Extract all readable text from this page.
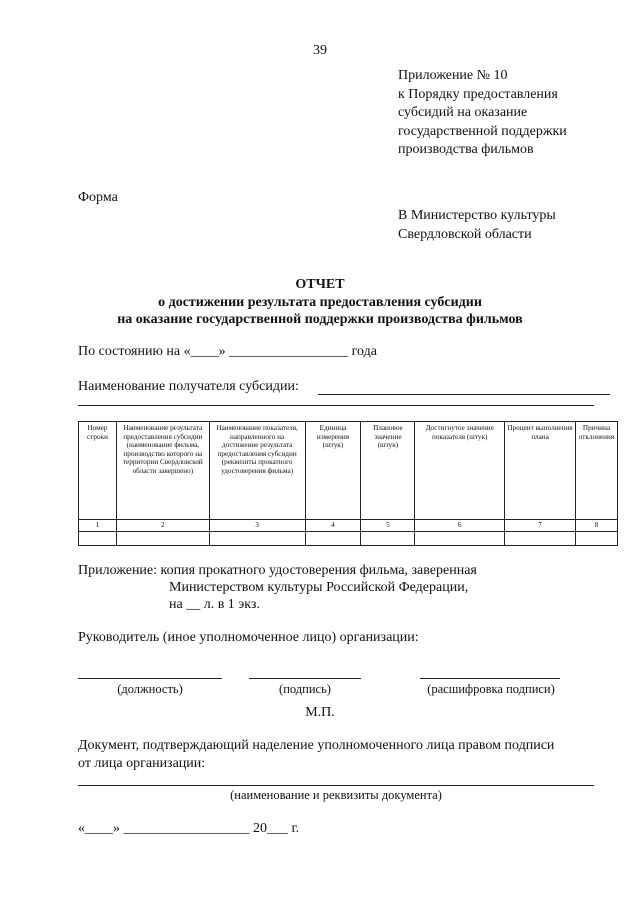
39
Приложение № 10
к Порядку предоставления
субсидий на оказание
государственной поддержки
производства фильмов
Форма
В Министерство культуры
Свердловской области
ОТЧЕТ
о достижении результата предоставления субсидии
на оказание государственной поддержки производства фильмов
По состоянию на «____» _________________ года
Наименование получателя субсидии:
Номер строки	Наименование результата предоставления субсидии (наименование фильма, производство которого на территории Свердловской области завершено)	Наименование показателя, направленного на достижение результата предоставления субсидии (реквизиты прокатного удостоверения фильма)	Единица измерения (штук)	Плановое значение (штук)	Достигнутое значение показателя (штук)	Процент выполнения плана	Причина отклонения
1	2	3	4	5	6	7	8

Приложение: копия прокатного удостоверения фильма, заверенная
Министерством культуры Российской Федерации,
на __ л. в 1 экз.
Руководитель (иное уполномоченное лицо) организации:
(должность)	(подпись)	(расшифровка подписи)
М.П.
Документ, подтверждающий наделение уполномоченного лица правом подписи
от лица организации:
(наименование и реквизиты документа)
«____» __________________ 20___ г.
